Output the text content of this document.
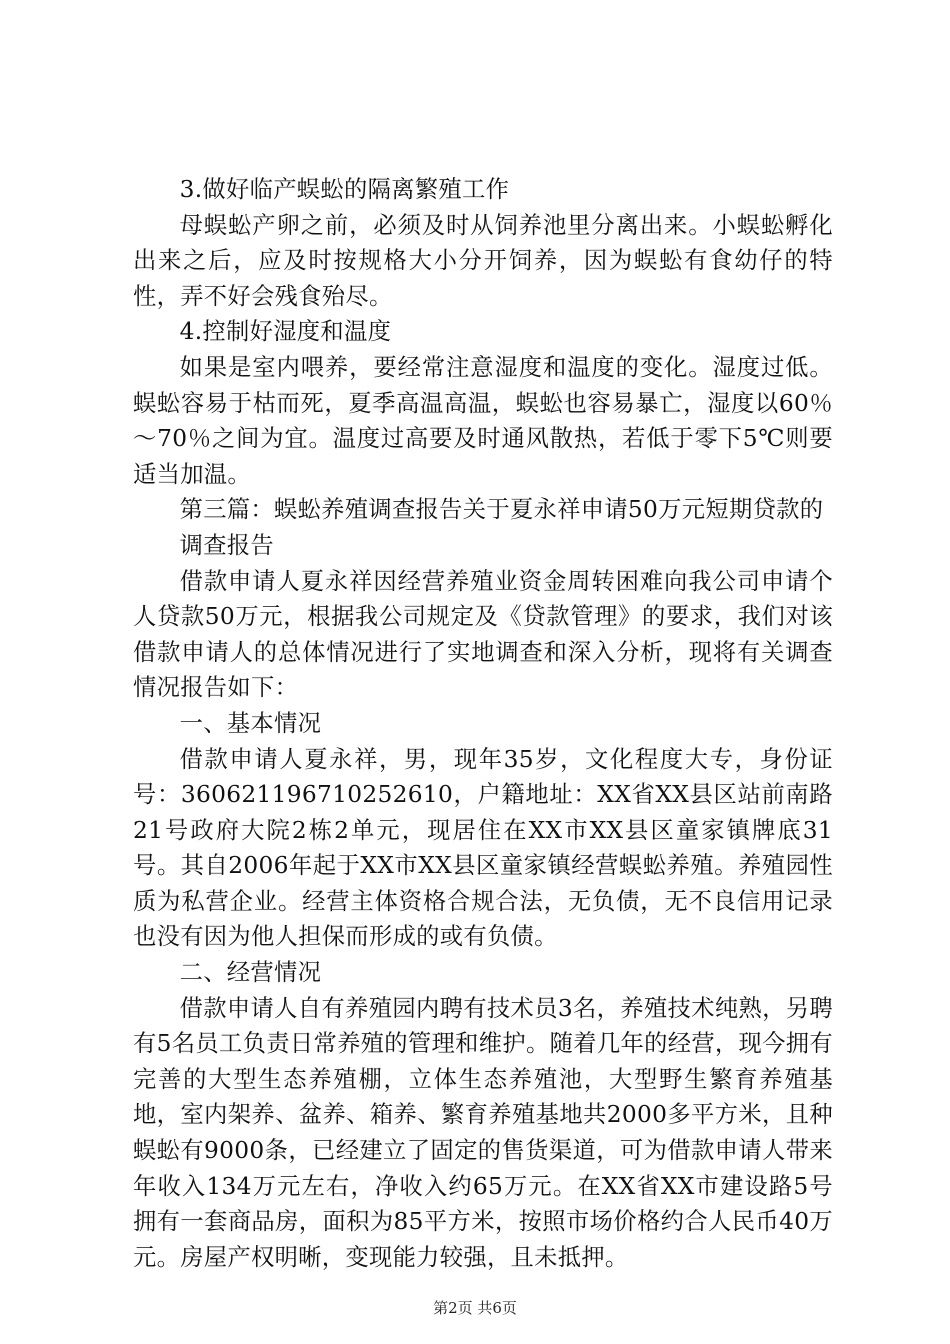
3.做好临产蜈蚣的隔离繁殖工作

母蜈蚣产卵之前，必须及时从饲养池里分离出来。小蜈蚣孵化出来之后，应及时按规格大小分开饲养，因为蜈蚣有食幼仔的特性，弄不好会残食殆尽。

4.控制好湿度和温度

如果是室内喂养，要经常注意湿度和温度的变化。湿度过低。蜈蚣容易于枯而死，夏季高温高温，蜈蚣也容易暴亡，湿度以60％～70％之间为宜。温度过高要及时通风散热，若低于零下5℃则要适当加温。

第三篇：蜈蚣养殖调查报告关于夏永祥申请50万元短期贷款的

调查报告

借款申请人夏永祥因经营养殖业资金周转困难向我公司申请个人贷款50万元，根据我公司规定及《贷款管理》的要求，我们对该借款申请人的总体情况进行了实地调查和深入分析，现将有关调查情况报告如下：

一、基本情况

借款申请人夏永祥，男，现年35岁，文化程度大专，身份证号：360621196710252610，户籍地址：XX省XX县区站前南路21号政府大院2栋2单元，现居住在XX市XX县区童家镇牌底31号。其自2006年起于XX市XX县区童家镇经营蜈蚣养殖。养殖园性质为私营企业。经营主体资格合规合法，无负债，无不良信用记录也没有因为他人担保而形成的或有负债。

二、经营情况

借款申请人自有养殖园内聘有技术员3名，养殖技术纯熟，另聘有5名员工负责日常养殖的管理和维护。随着几年的经营，现今拥有完善的大型生态养殖棚，立体生态养殖池，大型野生繁育养殖基地，室内架养、盆养、箱养、繁育养殖基地共2000多平方米，且种蜈蚣有9000条，已经建立了固定的售货渠道，可为借款申请人带来年收入134万元左右，净收入约65万元。在XX省XX市建设路5号拥有一套商品房，面积为85平方米，按照市场价格约合人民币40万元。房屋产权明晰，变现能力较强，且未抵押。

第2页 共6页
